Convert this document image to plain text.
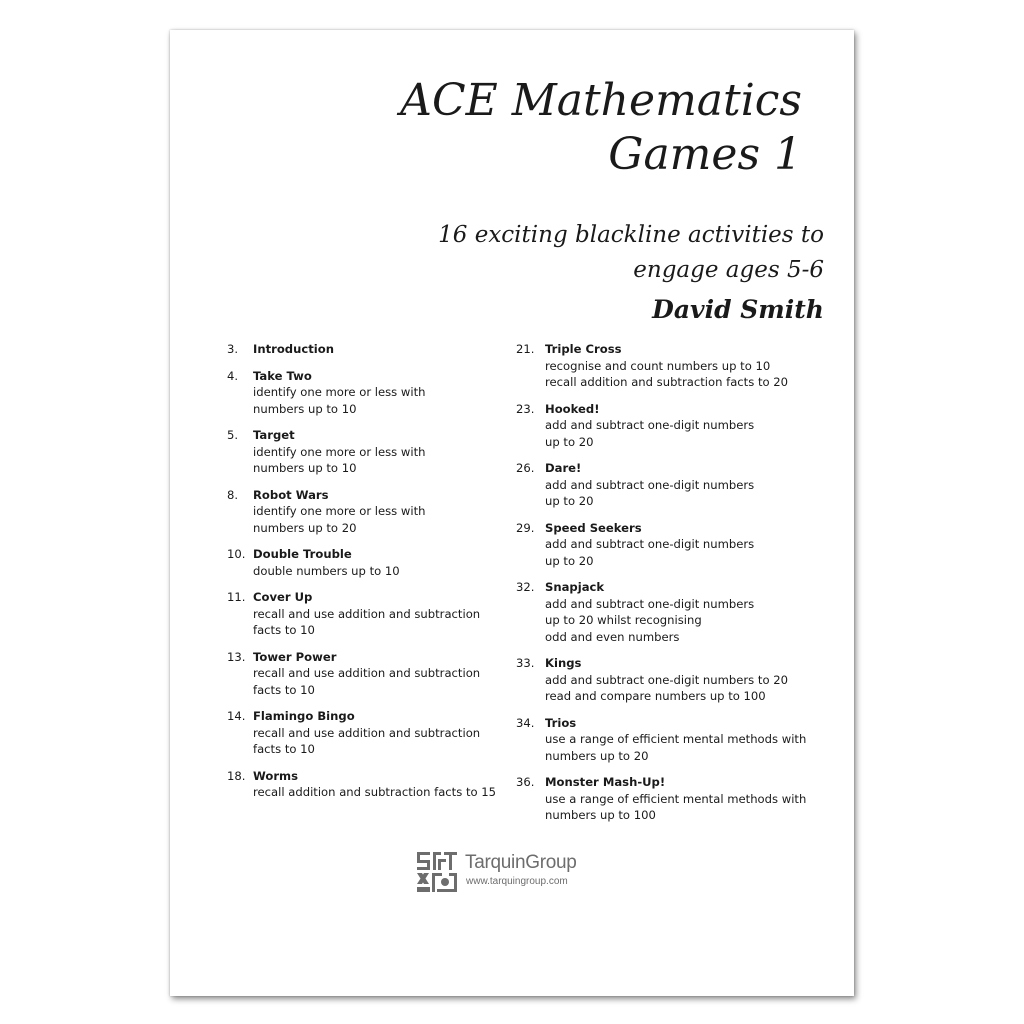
ACE Mathematics
Games 1

16 exciting blackline activities to
engage ages 5-6

David Smith
3. Introduction
4. Take Two
identify one more or less with
numbers up to 10
5. Target
identify one more or less with
numbers up to 10
8. Robot Wars
identify one more or less with
numbers up to 20
10. Double Trouble
double numbers up to 10
11. Cover Up
recall and use addition and subtraction
facts to 10
13. Tower Power
recall and use addition and subtraction
facts to 10
14. Flamingo Bingo
recall and use addition and subtraction
facts to 10
18. Worms
recall addition and subtraction facts to 15
21. Triple Cross
recognise and count numbers up to 10
recall addition and subtraction facts to 20
23. Hooked!
add and subtract one-digit numbers
up to 20
26. Dare!
add and subtract one-digit numbers
up to 20
29. Speed Seekers
add and subtract one-digit numbers
up to 20
32. Snapjack
add and subtract one-digit numbers
up to 20 whilst recognising
odd and even numbers
33. Kings
add and subtract one-digit numbers to 20
read and compare numbers up to 100
34. Trios
use a range of efficient mental methods with
numbers up to 20
36. Monster Mash-Up!
use a range of efficient mental methods with
numbers up to 100
TarquinGroup
www.tarquingroup.com
